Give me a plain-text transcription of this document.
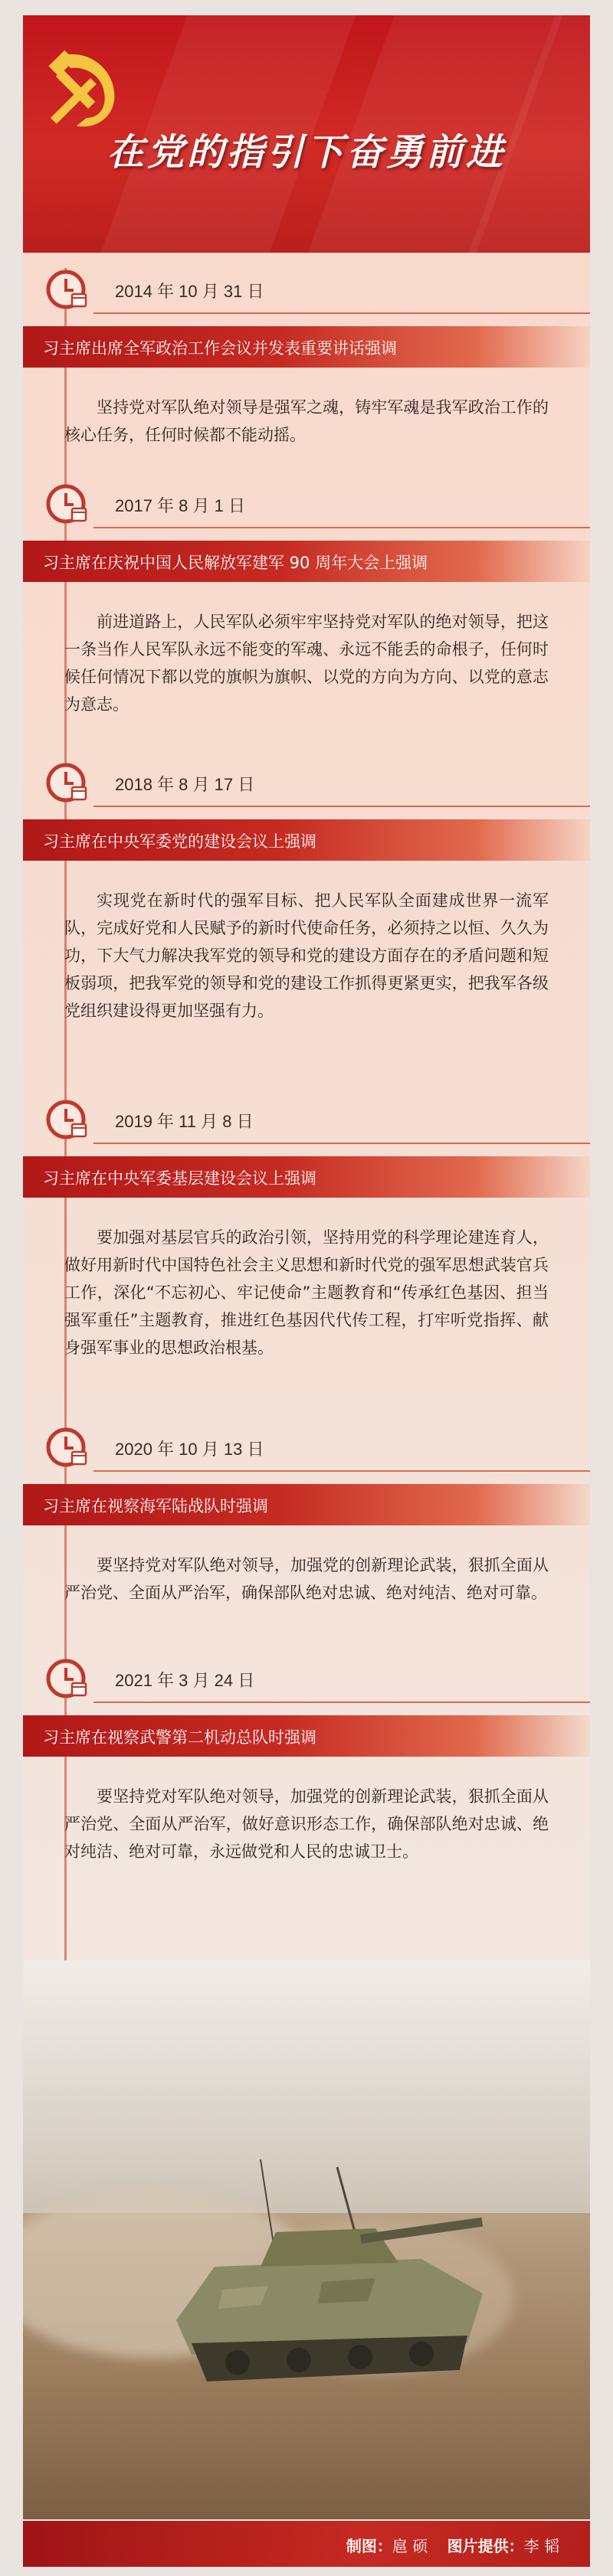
在党的指引下奋勇前进
2014 年 10 月 31 日
习主席出席全军政治工作会议并发表重要讲话强调

坚持党对军队绝对领导是强军之魂，铸牢军魂是我军政治工作的核心任务，任何时候都不能动摇。

2017 年 8 月 1 日
习主席在庆祝中国人民解放军建军 90 周年大会上强调

前进道路上，人民军队必须牢牢坚持党对军队的绝对领导，把这一条当作人民军队永远不能变的军魂、永远不能丢的命根子，任何时候任何情况下都以党的旗帜为旗帜、以党的方向为方向、以党的意志为意志。

2018 年 8 月 17 日
习主席在中央军委党的建设会议上强调

实现党在新时代的强军目标、把人民军队全面建成世界一流军队，完成好党和人民赋予的新时代使命任务，必须持之以恒、久久为功，下大气力解决我军党的领导和党的建设方面存在的矛盾问题和短板弱项，把我军党的领导和党的建设工作抓得更紧更实，把我军各级党组织建设得更加坚强有力。

2019 年 11 月 8 日
习主席在中央军委基层建设会议上强调

要加强对基层官兵的政治引领，坚持用党的科学理论建连育人，做好用新时代中国特色社会主义思想和新时代党的强军思想武装官兵工作，深化“不忘初心、牢记使命”主题教育和“传承红色基因、担当强军重任”主题教育，推进红色基因代代传工程，打牢听党指挥、献身强军事业的思想政治根基。

2020 年 10 月 13 日
习主席在视察海军陆战队时强调

要坚持党对军队绝对领导，加强党的创新理论武装，狠抓全面从严治党、全面从严治军，确保部队绝对忠诚、绝对纯洁、绝对可靠。

2021 年 3 月 24 日
习主席在视察武警第二机动总队时强调

要坚持党对军队绝对领导，加强党的创新理论武装，狠抓全面从严治党、全面从严治军，做好意识形态工作，确保部队绝对忠诚、绝对纯洁、绝对可靠，永远做党和人民的忠诚卫士。

制图：扈 硕 图片提供：李 韬
